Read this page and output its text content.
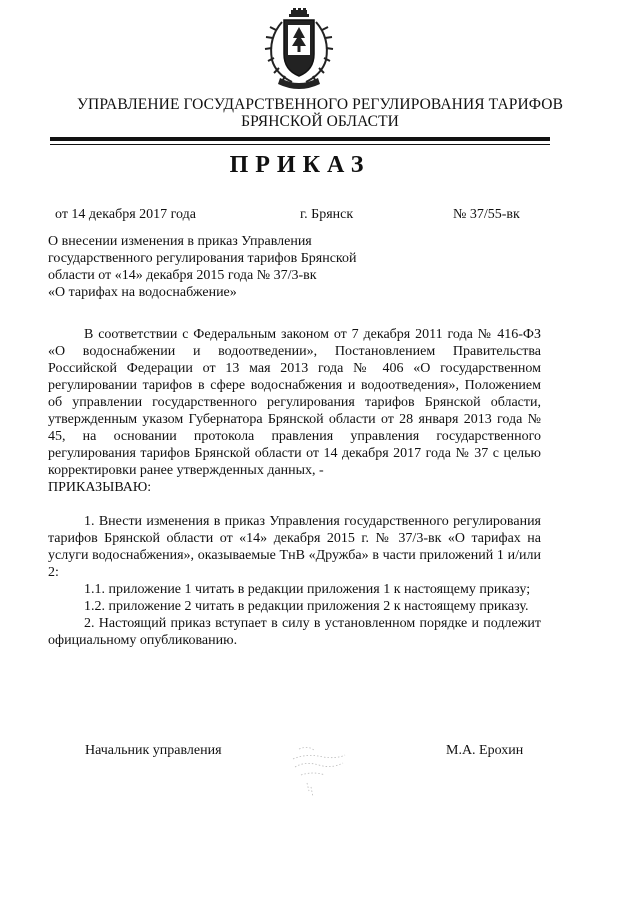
УПРАВЛЕНИЕ ГОСУДАРСТВЕННОГО РЕГУЛИРОВАНИЯ ТАРИФОВ
БРЯНСКОЙ ОБЛАСТИ
ПРИКАЗ
от 14 декабря 2017 года	г. Брянск	№ 37/55-вк
О внесении изменения в приказ Управления
государственного регулирования тарифов Брянской
области от «14» декабря 2015 года № 37/3-вк
«О тарифах на водоснабжение»

В соответствии с Федеральным законом от 7 декабря 2011 года № 416-ФЗ «О водоснабжении и водоотведении», Постановлением Правительства Российской Федерации от 13 мая 2013 года № 406 «О государственном регулировании тарифов в сфере водоснабжения и водоотведения», Положением об управлении государственного регулирования тарифов Брянской области, утвержденным указом Губернатора Брянской области от 28 января 2013 года № 45, на основании протокола правления управления государственного регулирования тарифов Брянской области от 14 декабря 2017 года № 37 с целью корректировки ранее утвержденных данных, -

ПРИКАЗЫВАЮ:

1. Внести изменения в приказ Управления государственного регулирования тарифов Брянской области от «14» декабря 2015 г. № 37/3-вк «О тарифах на услуги водоснабжения», оказываемые ТнВ «Дружба» в части приложений 1 и/или 2:

1.1. приложение 1 читать в редакции приложения 1 к настоящему приказу;

1.2. приложение 2 читать в редакции приложения 2 к настоящему приказу.

2. Настоящий приказ вступает в силу в установленном порядке и подлежит официальному опубликованию.

Начальник управления	М.А. Ерохин
